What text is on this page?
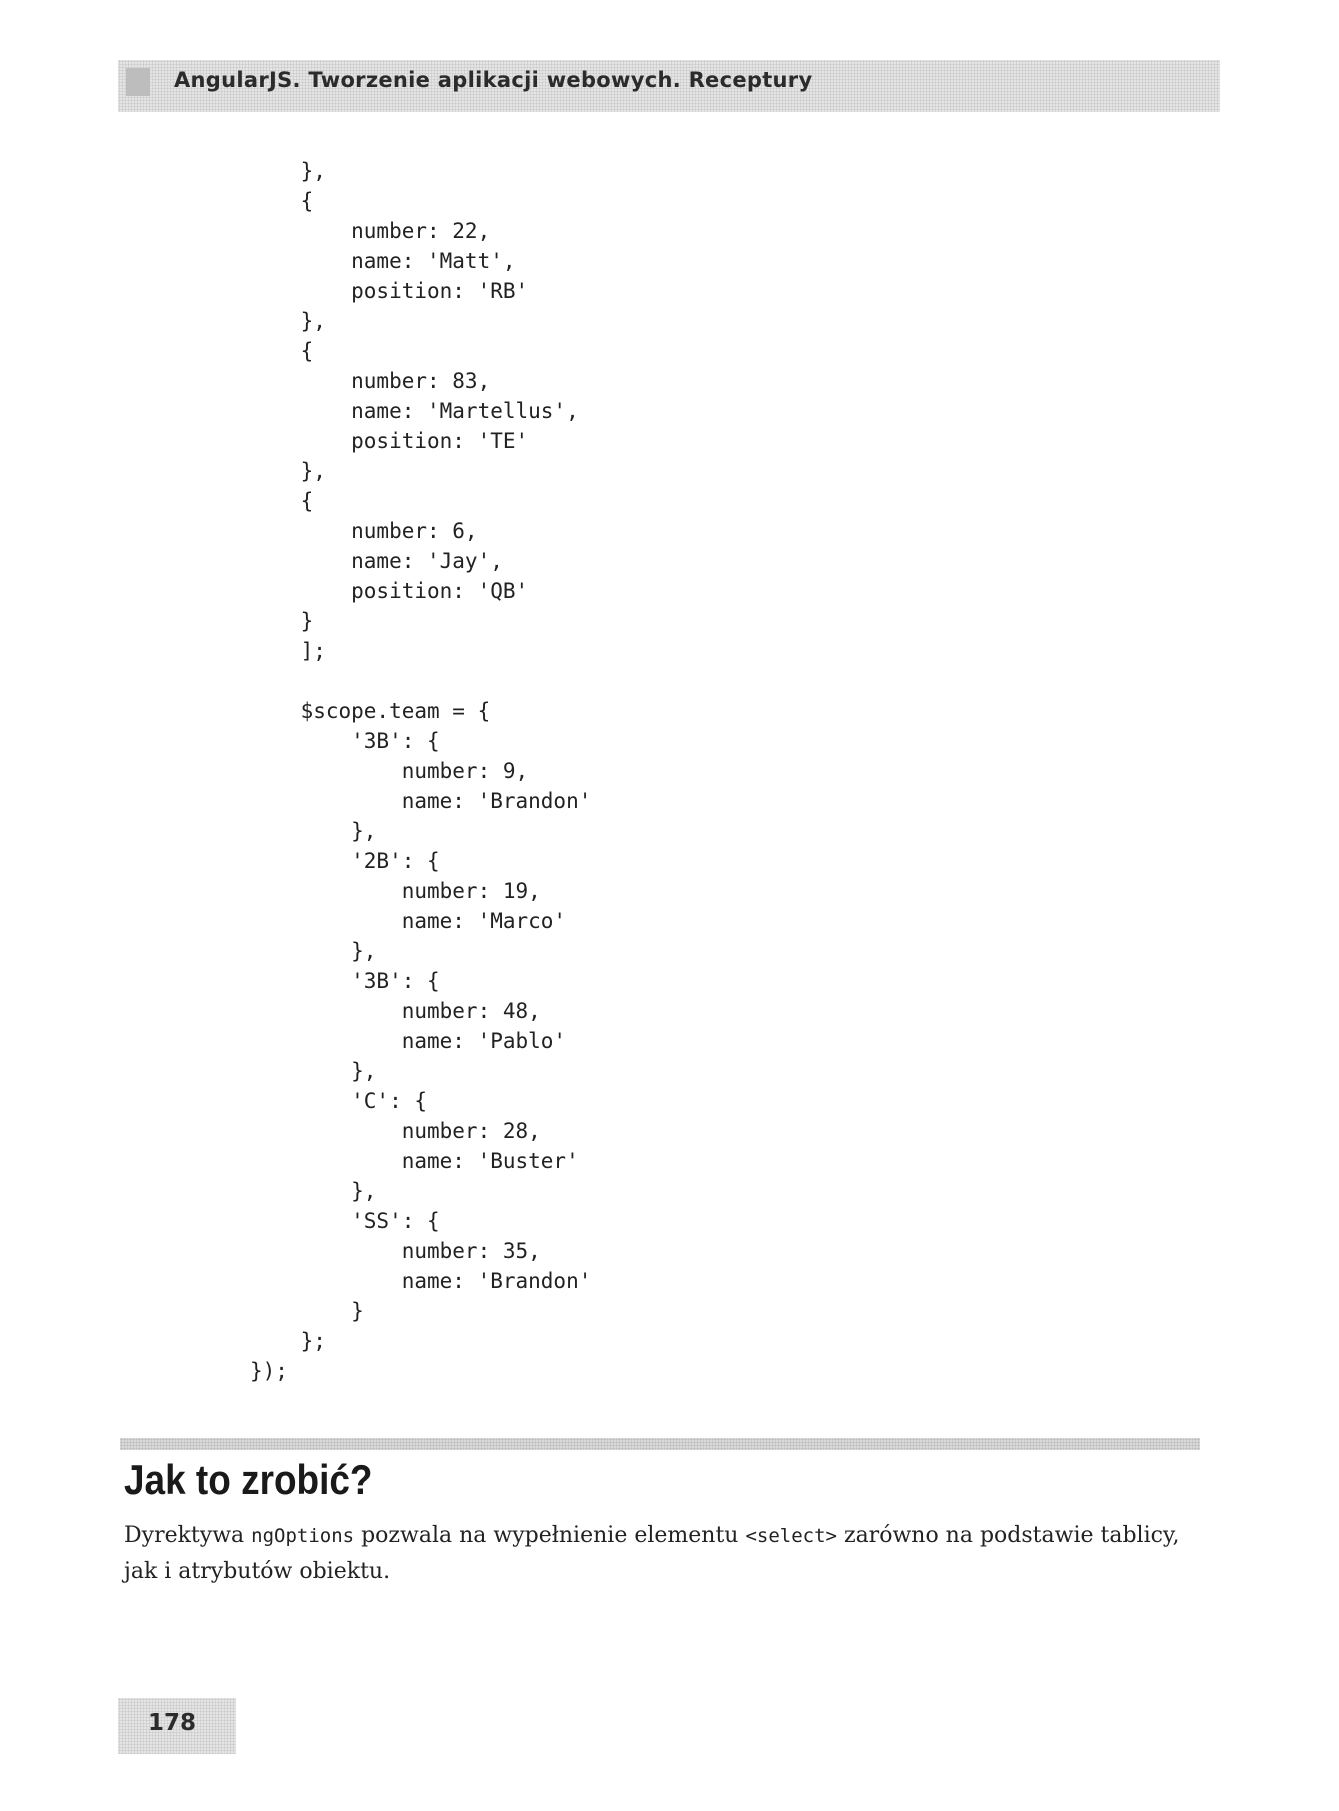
AngularJS. Tworzenie aplikacji webowych. Receptury
},
{
number: 22,
name: 'Matt',
position: 'RB'
},
{
number: 83,
name: 'Martellus',
position: 'TE'
},
{
number: 6,
name: 'Jay',
position: 'QB'
}
];
$scope.team = {
'3B': {
number: 9,
name: 'Brandon'
},
'2B': {
number: 19,
name: 'Marco'
},
'3B': {
number: 48,
name: 'Pablo'
},
'C': {
number: 28,
name: 'Buster'
},
'SS': {
number: 35,
name: 'Brandon'
}
};
});
Jak to zrobić?

Dyrektywa ngOptions pozwala na wypełnienie elementu <select> zarówno na podstawie tablicy, jak i atrybutów obiektu.

178
